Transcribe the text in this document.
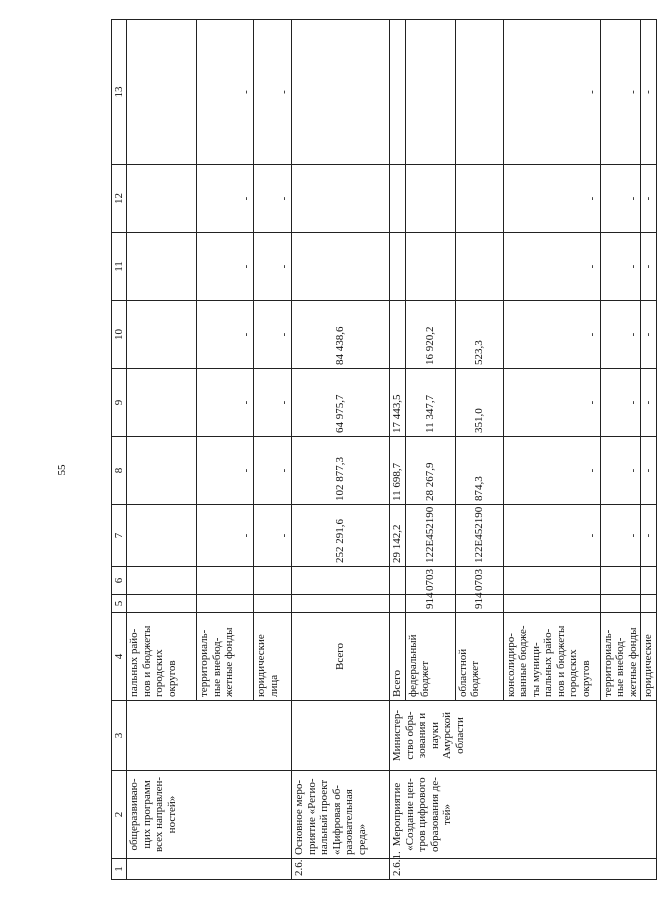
55
1	2	3	4	5	6	7	8	9	10	11	12	13
	общеразвиваю-щих программ всех направлен-ностей»		пальных райо-нов и бюджеты городских округов									
			территориаль-ные внебюд-жетные фонды			-	-	-	-	-	-	-
			юридические лица			-	-	-	-	-	-	-
2.6.	Основное меро-приятие «Регио-нальный проект «Цифровая об-разовательная среда»		Всего			252 291,6	102 877,3	64 975,7	84 438,6			
2.6.1.	Мероприятие «Создание цен-тров цифрового образования де-тей»	Министер-ство обра-зования и науки Амурской области	Всего			29 142,2	11 698,7	17 443,5				
			федеральный бюджет	914	0703	122Е452190	28 267,9	11 347,7	16 920,2			
			областной бюджет	914	0703	122Е452190	874,3	351,0	523,3			
			консолидиро-ванные бюдже-ты муници-пальных райо-нов и бюджеты городских округов			-	-	-	-	-	-	-
			территориаль-ные внебюд-жетные фонды			-	-	-	-	-	-	-
			юридические			-	-	-	-	-	-	-
